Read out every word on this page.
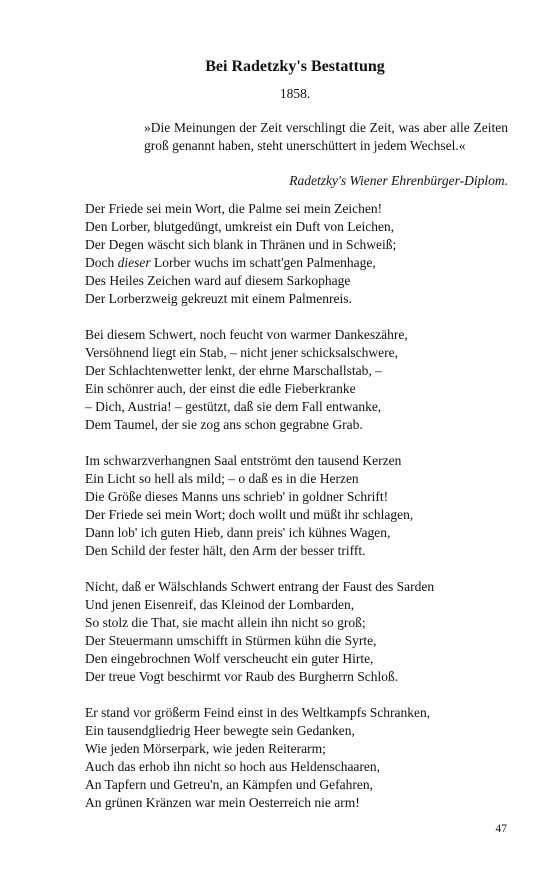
Bei Radetzky's Bestattung
1858.

»Die Meinungen der Zeit verschlingt die Zeit, was aber alle Zeiten groß genannt haben, steht unerschüttert in jedem Wechsel.«

Radetzky's Wiener Ehrenbürger-Diplom.
Der Friede sei mein Wort, die Palme sei mein Zeichen!
Den Lorber, blutgedüngt, umkreist ein Duft von Leichen,
Der Degen wäscht sich blank in Thränen und in Schweiß;
Doch dieser Lorber wuchs im schatt'gen Palmenhage,
Des Heiles Zeichen ward auf diesem Sarkophage
Der Lorberzweig gekreuzt mit einem Palmenreis.
Bei diesem Schwert, noch feucht von warmer Dankeszähre,
Versöhnend liegt ein Stab, – nicht jener schicksalschwere,
Der Schlachtenwetter lenkt, der ehrne Marschallstab, –
Ein schönrer auch, der einst die edle Fieberkranke
– Dich, Austria! – gestützt, daß sie dem Fall entwanke,
Dem Taumel, der sie zog ans schon gegrabne Grab.
Im schwarzverhangnen Saal entströmt den tausend Kerzen
Ein Licht so hell als mild; – o daß es in die Herzen
Die Größe dieses Manns uns schrieb' in goldner Schrift!
Der Friede sei mein Wort; doch wollt und müßt ihr schlagen,
Dann lob' ich guten Hieb, dann preis' ich kühnes Wagen,
Den Schild der fester hält, den Arm der besser trifft.
Nicht, daß er Wälschlands Schwert entrang der Faust des Sarden
Und jenen Eisenreif, das Kleinod der Lombarden,
So stolz die That, sie macht allein ihn nicht so groß;
Der Steuermann umschifft in Stürmen kühn die Syrte,
Den eingebrochnen Wolf verscheucht ein guter Hirte,
Der treue Vogt beschirmt vor Raub des Burgherrn Schloß.
Er stand vor größerm Feind einst in des Weltkampfs Schranken,
Ein tausendgliedrig Heer bewegte sein Gedanken,
Wie jeden Mörserpark, wie jeden Reiterarm;
Auch das erhob ihn nicht so hoch aus Heldenschaaren,
An Tapfern und Getreu'n, an Kämpfen und Gefahren,
An grünen Kränzen war mein Oesterreich nie arm!
47
